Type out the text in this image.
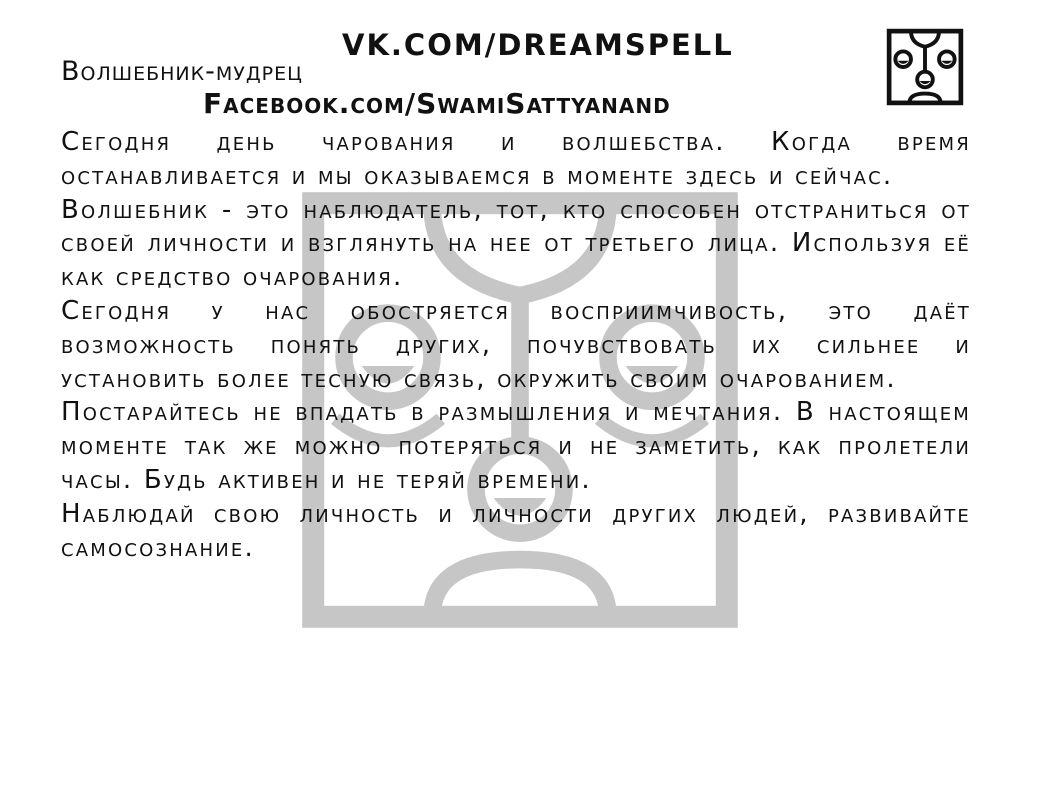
VK.COM/DREAMSPELL
Волшебник-мудрец
Facebook.com/SwamiSattyanand

Сегодня день чарования и волшебства. Когда время останавливается и мы оказываемся в моменте здесь и сейчас.

Волшебник - это наблюдатель, тот, кто способен отстраниться от своей личности и взглянуть на нее от третьего лица. Используя её как средство очарования.

Сегодня у нас обостряется восприимчивость, это даёт возможность понять других, почувствовать их сильнее и установить более тесную связь, окружить своим очарованием.

Постарайтесь не впадать в размышления и мечтания. В настоящем моменте так же можно потеряться и не заметить, как пролетели часы. Будь активен и не теряй времени.

Наблюдай свою личность и личности других людей, развивайте самосознание.
